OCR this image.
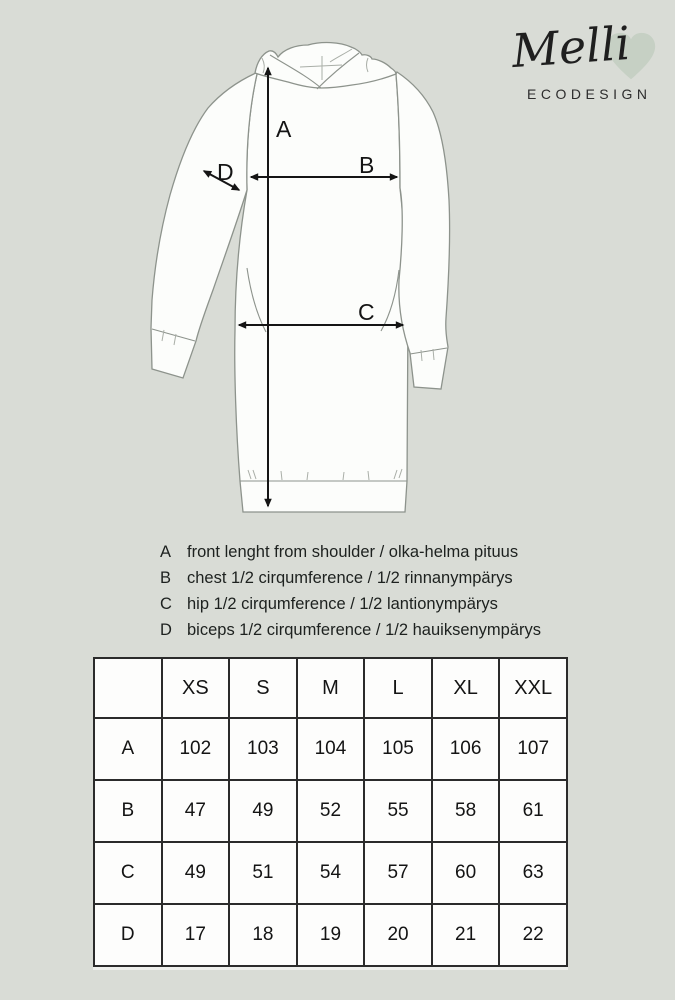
Melli
ECODESIGN
A
B
C
D
A front lenght from shoulder / olka-helma pituus
B chest 1/2 cirqumference / 1/2 rinnanympärys
C hip 1/2 cirqumference / 1/2 lantionympärys
D biceps 1/2 cirqumference / 1/2 hauiksenympärys
	XS	S	M	L	XL	XXL
A	102	103	104	105	106	107
B	47	49	52	55	58	61
C	49	51	54	57	60	63
D	17	18	19	20	21	22
